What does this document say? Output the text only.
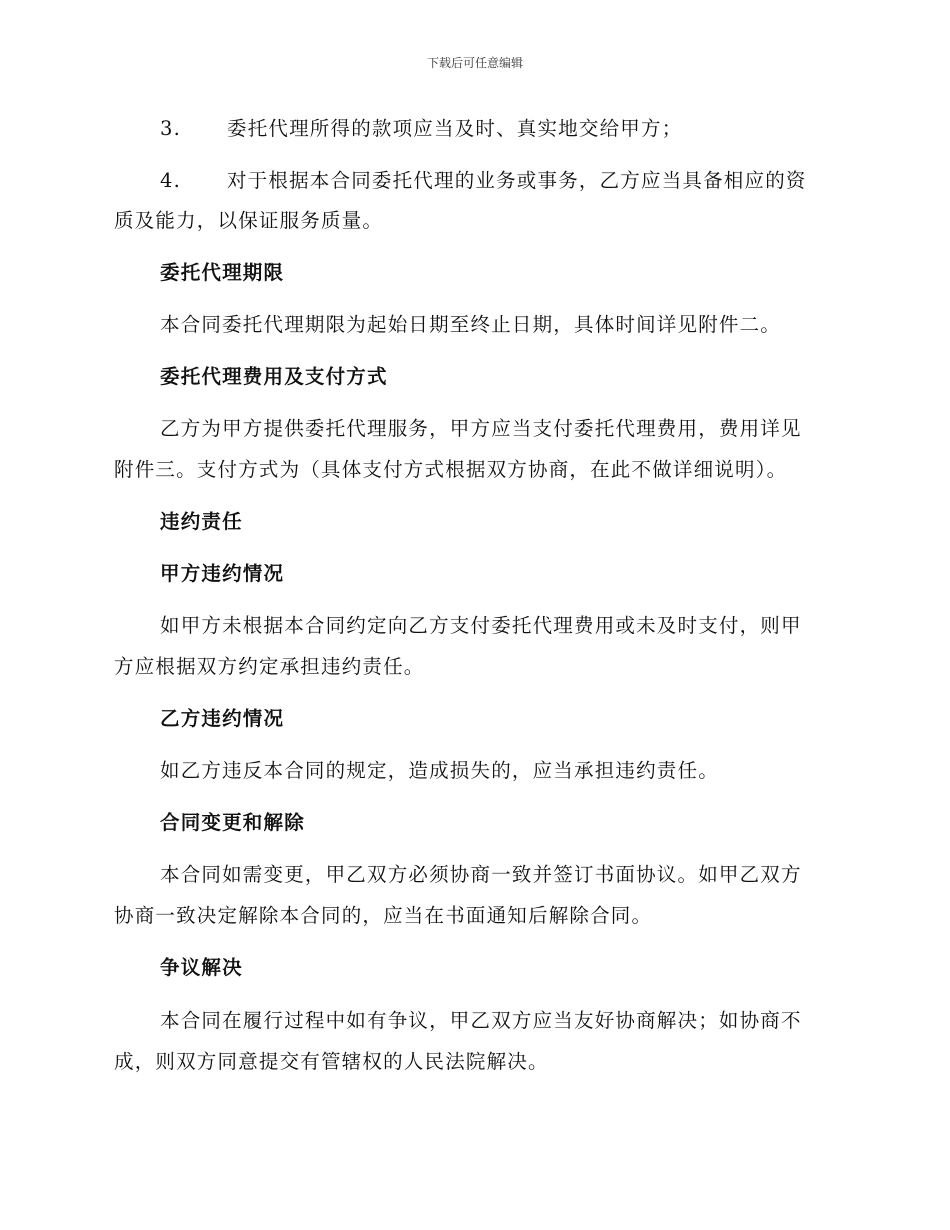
下载后可任意编辑
3. 委托代理所得的款项应当及时、真实地交给甲方；
4. 对于根据本合同委托代理的业务或事务，乙方应当具备相应的资
质及能力，以保证服务质量。
委托代理期限
本合同委托代理期限为起始日期至终止日期，具体时间详见附件二。
委托代理费用及支付方式
乙方为甲方提供委托代理服务，甲方应当支付委托代理费用，费用详见
附件三。支付方式为（具体支付方式根据双方协商，在此不做详细说明）。
违约责任
甲方违约情况
如甲方未根据本合同约定向乙方支付委托代理费用或未及时支付，则甲
方应根据双方约定承担违约责任。
乙方违约情况
如乙方违反本合同的规定，造成损失的，应当承担违约责任。
合同变更和解除
本合同如需变更，甲乙双方必须协商一致并签订书面协议。如甲乙双方
协商一致决定解除本合同的，应当在书面通知后解除合同。
争议解决
本合同在履行过程中如有争议，甲乙双方应当友好协商解决；如协商不
成，则双方同意提交有管辖权的人民法院解决。
